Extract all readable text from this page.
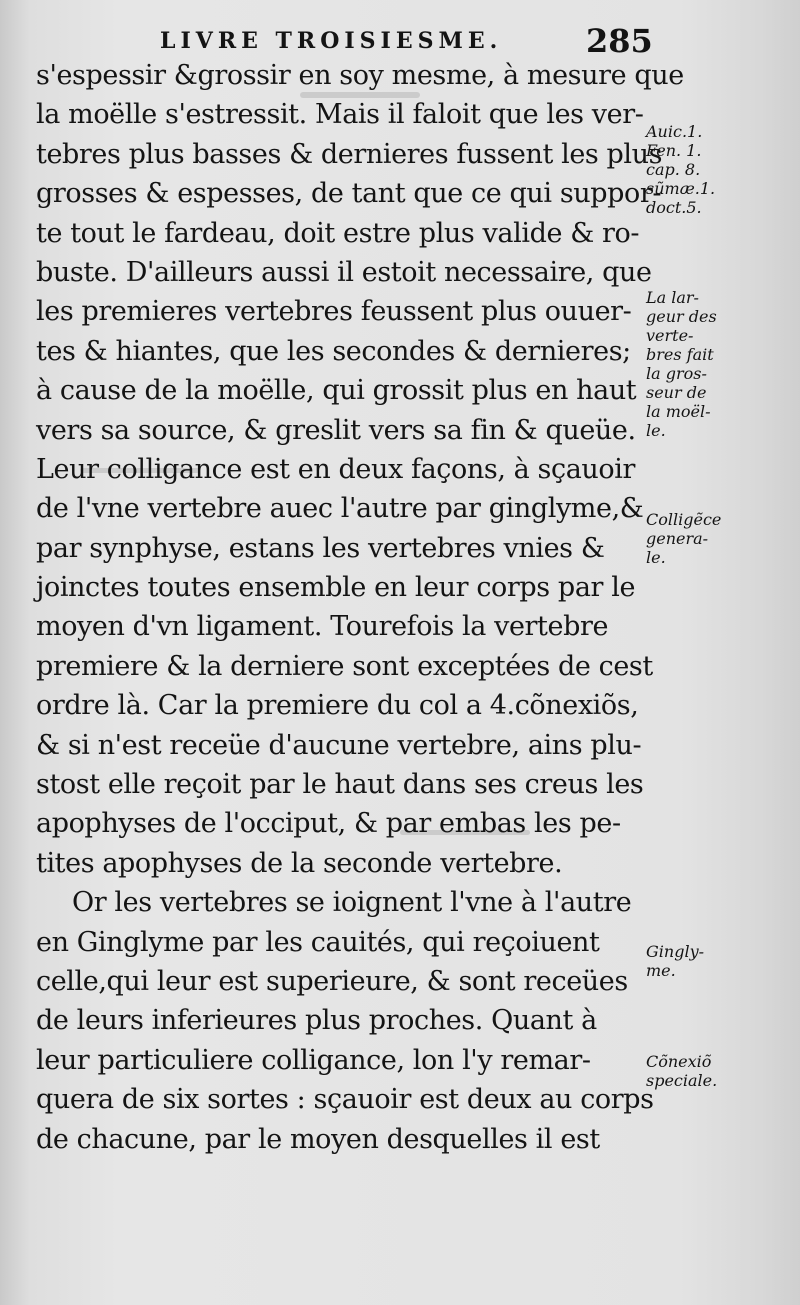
LIVRE TROISIESME.	285
s'espessir &grossir en soy mesme, à mesure que
la moëlle s'estressit. Mais il faloit que les ver-
tebres plus basses & dernieres fussent les plus
grosses & espesses, de tant que ce qui suppor-
te tout le fardeau, doit estre plus valide & ro-
buste. D'ailleurs aussi il estoit necessaire, que
les premieres vertebres feussent plus ouuer-
tes & hiantes, que les secondes & dernieres;
à cause de la moëlle, qui grossit plus en haut
vers sa source, & greslit vers sa fin & queüe.
Leur colligance est en deux façons, à sçauoir
de l'vne vertebre auec l'autre par ginglyme,&
par synphyse, estans les vertebres vnies &
joinctes toutes ensemble en leur corps par le
moyen d'vn ligament. Tourefois la vertebre
premiere & la derniere sont exceptées de cest
ordre là. Car la premiere du col a 4.cõnexiõs,
& si n'est receüe d'aucune vertebre, ains plu-
stost elle reçoit par le haut dans ses creus les
apophyses de l'occiput, & par embas les pe-
tites apophyses de la seconde vertebre.
Or les vertebres se ioignent l'vne à l'autre
en Ginglyme par les cauités, qui reçoiuent
celle,qui leur est superieure, & sont receües
de leurs inferieures plus proches. Quant à
leur particuliere colligance, lon l'y remar-
quera de six sortes : sçauoir est deux au corps
de chacune, par le moyen desquelles il est
Auic.1.
Fen. 1.
cap. 8.
sũmæ.1.
doct.5.
La lar-
geur des
verte-
bres fait
la gros-
seur de
la moël-
le.
Colligẽce
genera-
le.
Gingly-
me.
Cõnexiõ
speciale.
